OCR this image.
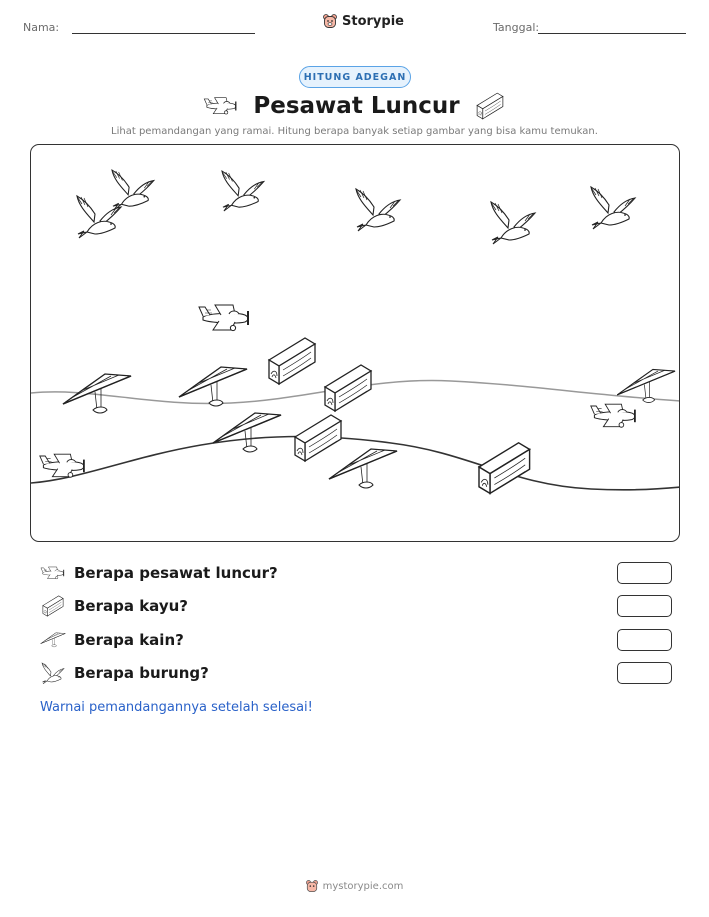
Nama:	Storypie	Tanggal:
HITUNG ADEGAN
Pesawat Luncur
Lihat pemandangan yang ramai. Hitung berapa banyak setiap gambar yang bisa kamu temukan.
Berapa pesawat luncur?
Berapa kayu?
Berapa kain?
Berapa burung?
Warnai pemandangannya setelah selesai!
mystorypie.com
